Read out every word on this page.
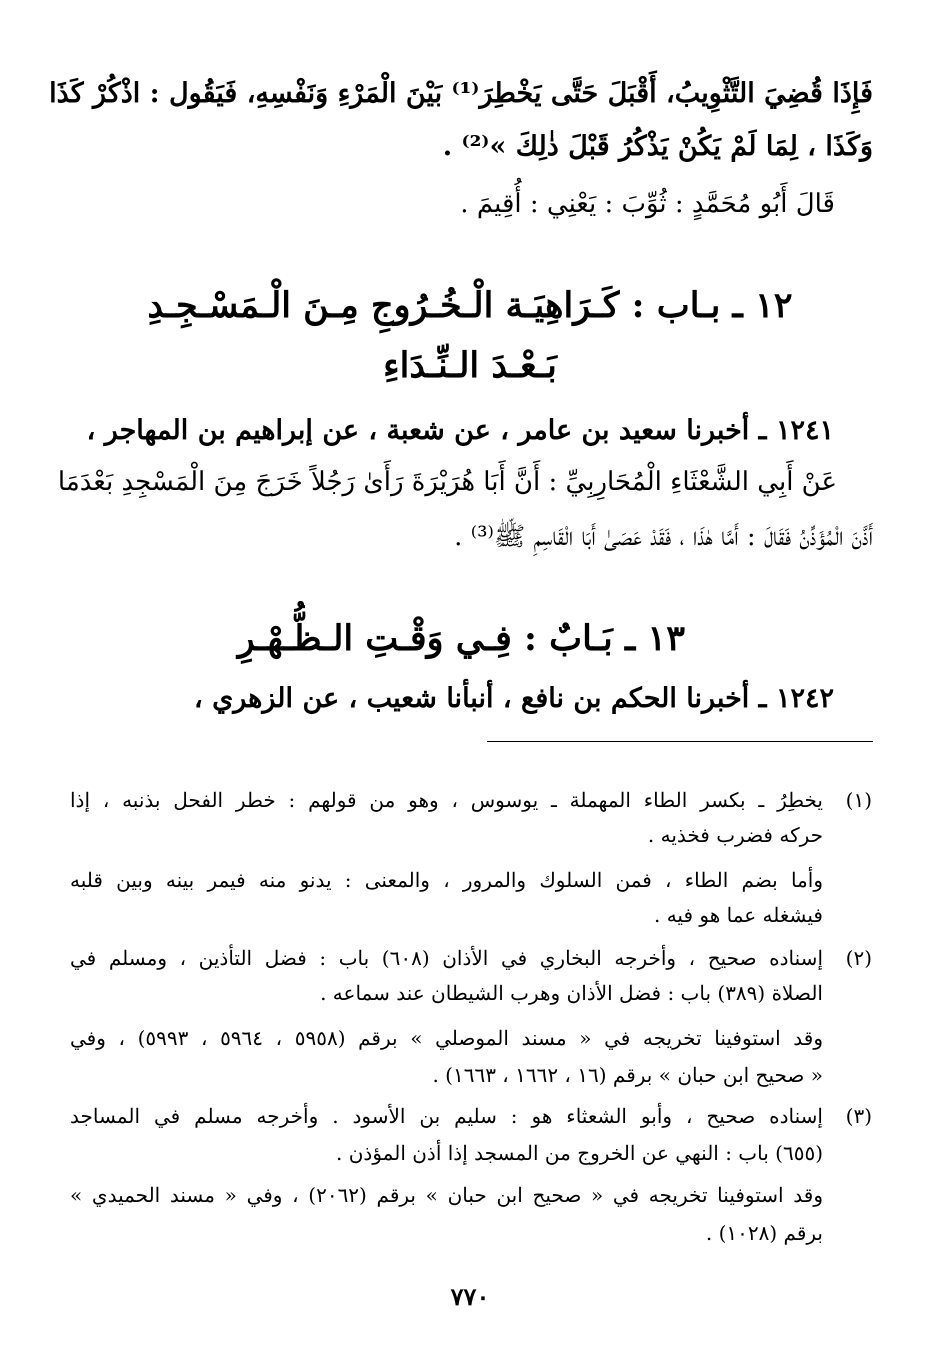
فَإِذَا قُضِيَ التَّثْوِيبُ، أَقْبَلَ حَتَّى يَخْطِرَ⁽¹⁾ بَيْنَ الْمَرْءِ وَنَفْسِهِ، فَيَقُول : اذْكُرْ كَذَا
وَكَذَا ، لِمَا لَمْ يَكُنْ يَذْكُرُ قَبْلَ ذٰلِكَ »⁽²⁾ .
قَالَ أَبُو مُحَمَّدٍ : ثُوِّبَ : يَعْنِي : أُقِيمَ .
١٢ ـ بـاب : كَـرَاهِيَـة الْـخُـرُوجِ مِـنَ الْـمَسْـجِـدِ
بَـعْـدَ الـنِّـدَاءِ
١٢٤١ ـ أخبرنا سعيد بن عامر ، عن شعبة ، عن إبراهيم بن المهاجر ،
عَنْ أَبِي الشَّعْثَاءِ الْمُحَارِبِيِّ : أَنَّ أَبَا هُرَيْرَةَ رَأَىٰ رَجُلاً خَرَجَ مِنَ الْمَسْجِدِ بَعْدَمَا
أَذَّنَ الْمُؤَذِّنُ فَقَالَ : أَمَّا هٰذَا ، فَقَدْ عَصَىٰ أَبَا الْقَاسِمِ ﷺ⁽³⁾ .
١٣ ـ بَـابٌ : فِـي وَقْـتِ الـظُّـهْـرِ
١٢٤٢ ـ أخبرنا الحكم بن نافع ، أنبأنا شعيب ، عن الزهري ،
(١)
يخطِرُ ـ بكسر الطاء المهملة ـ يوسوس ، وهو من قولهم : خطر الفحل بذنبه ، إذا
حركه فضرب فخذيه .
وأما بضم الطاء ، فمن السلوك والمرور ، والمعنى : يدنو منه فيمر بينه وبين قلبه
فيشغله عما هو فيه .
(٢)
إسناده صحيح ، وأخرجه البخاري في الأذان (٦٠٨) باب : فضل التأذين ، ومسلم في
الصلاة (٣٨٩) باب : فضل الأذان وهرب الشيطان عند سماعه .
وقد استوفينا تخريجه في « مسند الموصلي » برقم (٥٩٥٨ ، ٥٩٦٤ ، ٥٩٩٣) ، وفي
« صحيح ابن حبان » برقم (١٦ ، ١٦٦٢ ، ١٦٦٣) .
(٣)
إسناده صحيح ، وأبو الشعثاء هو : سليم بن الأسود . وأخرجه مسلم في المساجد
(٦٥٥) باب : النهي عن الخروج من المسجد إذا أذن المؤذن .
وقد استوفينا تخريجه في « صحيح ابن حبان » برقم (٢٠٦٢) ، وفي « مسند الحميدي »
برقم (١٠٢٨) .
٧٧٠
